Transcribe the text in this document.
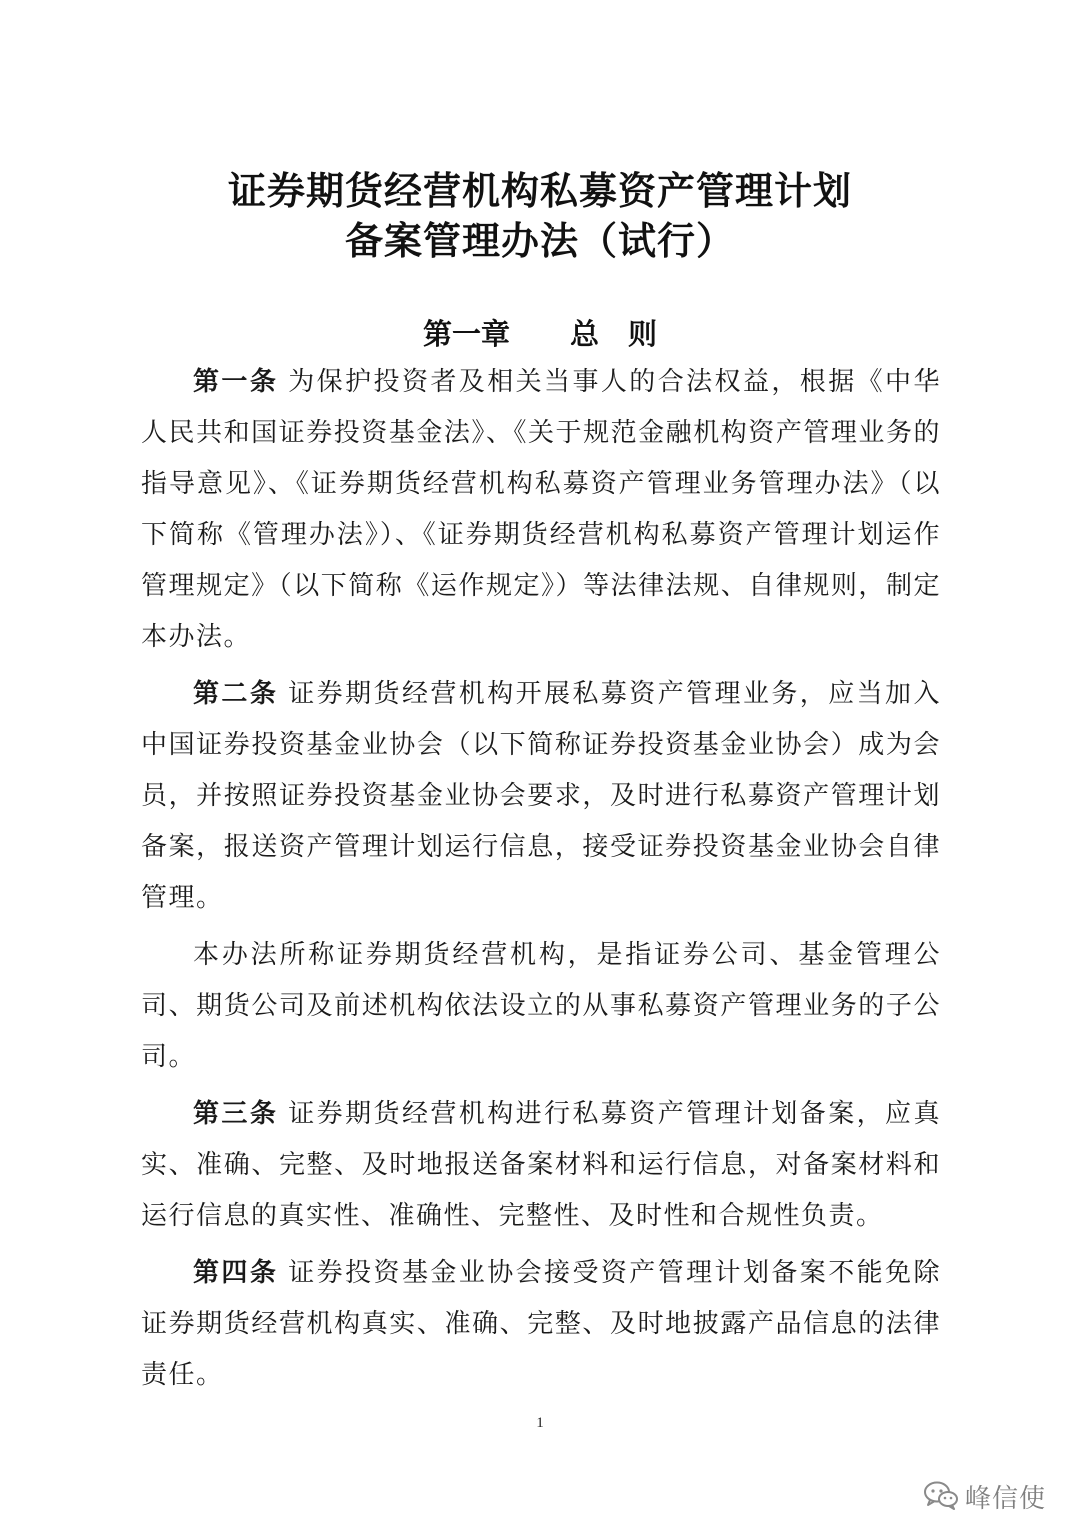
证券期货经营机构私募资产管理计划
备案管理办法（试行）
第一章 总　则

第一条 为保护投资者及相关当事人的合法权益，根据《中华人民共和国证券投资基金法》、《关于规范金融机构资产管理业务的指导意见》、《证券期货经营机构私募资产管理业务管理办法》（以下简称《管理办法》）、《证券期货经营机构私募资产管理计划运作管理规定》（以下简称《运作规定》）等法律法规、自律规则，制定本办法。

第二条 证券期货经营机构开展私募资产管理业务，应当加入中国证券投资基金业协会（以下简称证券投资基金业协会）成为会员，并按照证券投资基金业协会要求，及时进行私募资产管理计划备案，报送资产管理计划运行信息，接受证券投资基金业协会自律管理。

本办法所称证券期货经营机构，是指证券公司、基金管理公司、期货公司及前述机构依法设立的从事私募资产管理业务的子公司。

第三条 证券期货经营机构进行私募资产管理计划备案，应真实、准确、完整、及时地报送备案材料和运行信息，对备案材料和运行信息的真实性、准确性、完整性、及时性和合规性负责。

第四条 证券投资基金业协会接受资产管理计划备案不能免除证券期货经营机构真实、准确、完整、及时地披露产品信息的法律责任。

1
峰信使
